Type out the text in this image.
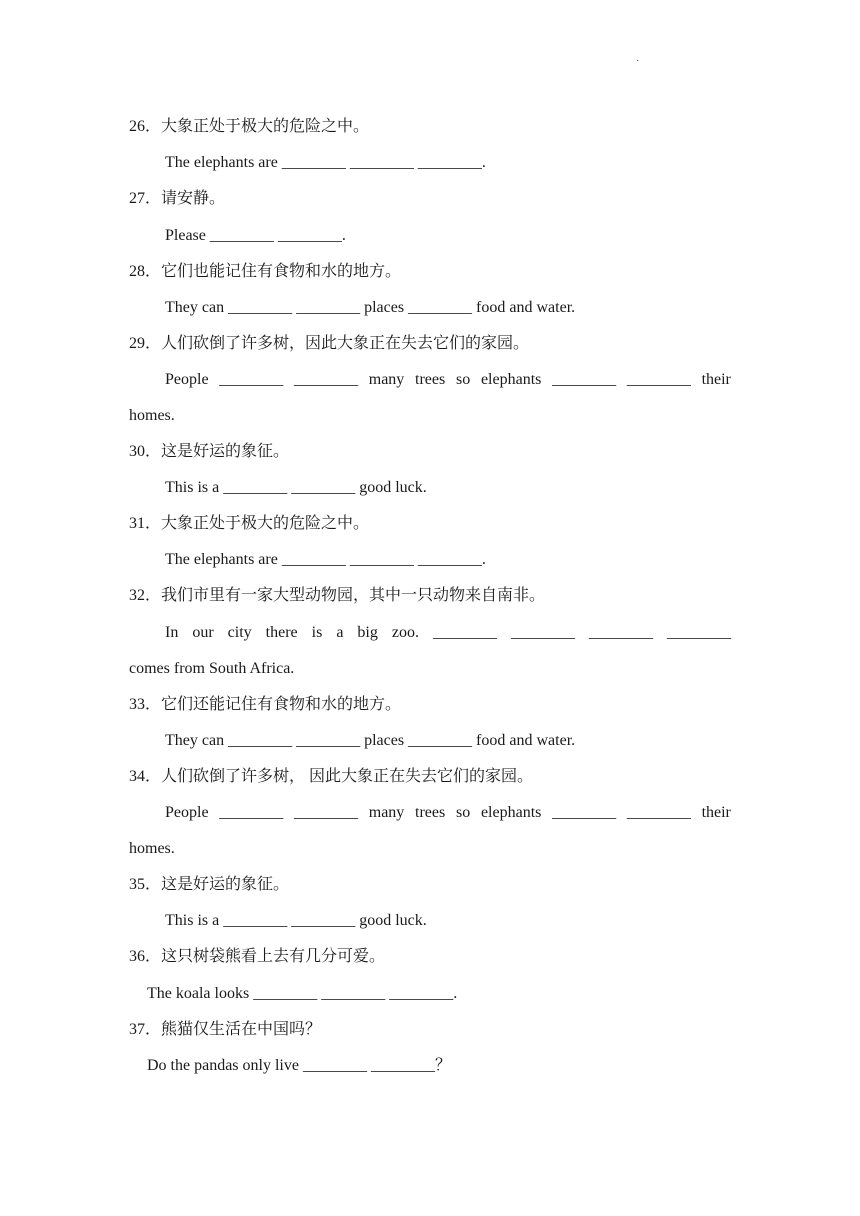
·
26．大象正处于极大的危险之中。
The elephants are ________ ________ ________.
27．请安静。
Please ________ ________.
28．它们也能记住有食物和水的地方。
They can ________ ________ places ________ food and water.
29．人们砍倒了许多树，因此大象正在失去它们的家园。
People ________ ________ many trees so elephants ________ ________ their
homes.
30．这是好运的象征。
This is a ________ ________ good luck.
31．大象正处于极大的危险之中。
The elephants are ________ ________ ________.
32．我们市里有一家大型动物园，其中一只动物来自南非。
In our city there is a big zoo. ________ ________ ________ ________
comes from South Africa.
33．它们还能记住有食物和水的地方。
They can ________ ________ places ________ food and water.
34．人们砍倒了许多树， 因此大象正在失去它们的家园。
People ________ ________ many trees so elephants ________ ________ their
homes.
35．这是好运的象征。
This is a ________ ________ good luck.
36．这只树袋熊看上去有几分可爱。
The koala looks ________ ________ ________.
37．熊猫仅生活在中国吗？
Do the pandas only live ________ ________？
